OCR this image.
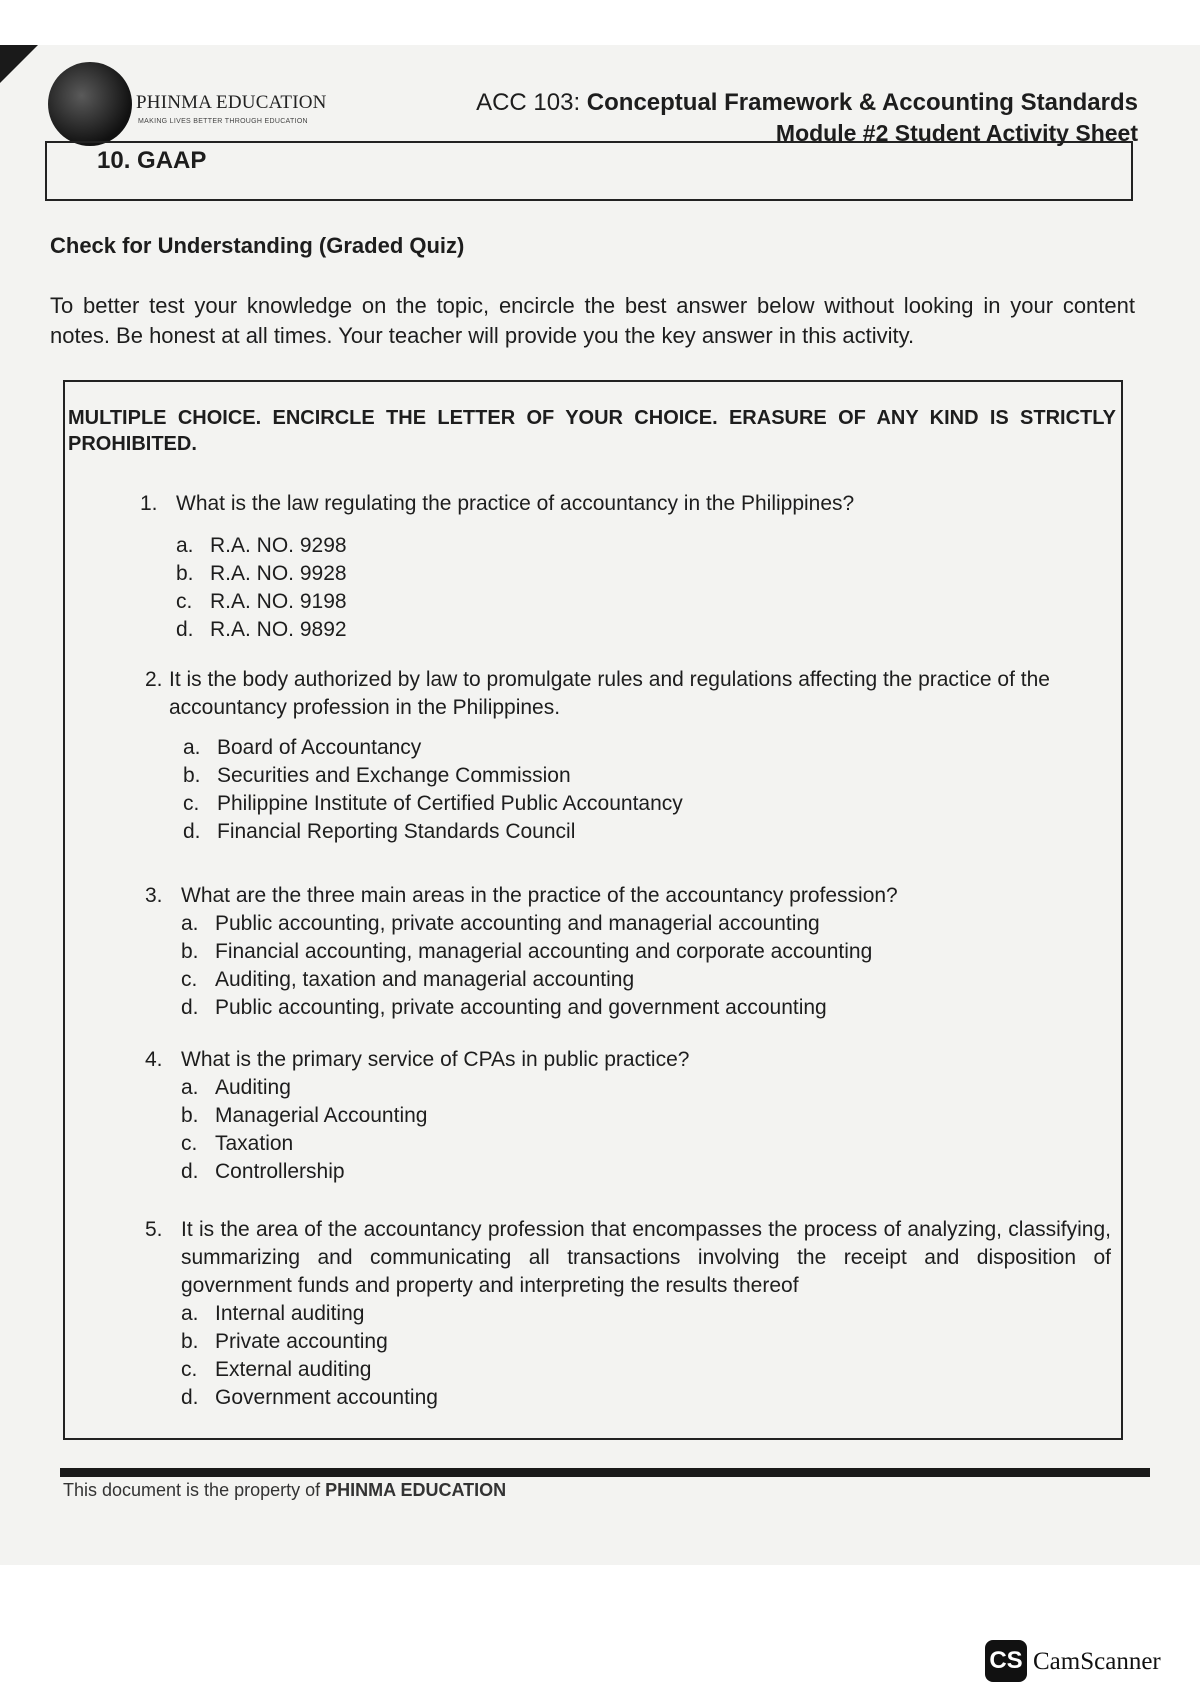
PHINMA EDUCATION
MAKING LIVES BETTER THROUGH EDUCATION
ACC 103: Conceptual Framework & Accounting Standards
Module #2 Student Activity Sheet
10. GAAP
Check for Understanding (Graded Quiz)
To better test your knowledge on the topic, encircle the best answer below without looking in your content notes. Be honest at all times. Your teacher will provide you the key answer in this activity.
MULTIPLE CHOICE. ENCIRCLE THE LETTER OF YOUR CHOICE. ERASURE OF ANY KIND IS STRICTLY PROHIBITED.
1. What is the law regulating the practice of accountancy in the Philippines?
a. R.A. NO. 9298
b. R.A. NO. 9928
c. R.A. NO. 9198
d. R.A. NO. 9892
2. It is the body authorized by law to promulgate rules and regulations affecting the practice of the accountancy profession in the Philippines.
a. Board of Accountancy
b. Securities and Exchange Commission
c. Philippine Institute of Certified Public Accountancy
d. Financial Reporting Standards Council
3. What are the three main areas in the practice of the accountancy profession?
a. Public accounting, private accounting and managerial accounting
b. Financial accounting, managerial accounting and corporate accounting
c. Auditing, taxation and managerial accounting
d. Public accounting, private accounting and government accounting
4. What is the primary service of CPAs in public practice?
a. Auditing
b. Managerial Accounting
c. Taxation
d. Controllership
5. It is the area of the accountancy profession that encompasses the process of analyzing, classifying, summarizing and communicating all transactions involving the receipt and disposition of government funds and property and interpreting the results thereof
a. Internal auditing
b. Private accounting
c. External auditing
d. Government accounting
This document is the property of PHINMA EDUCATION
CS CamScanner
